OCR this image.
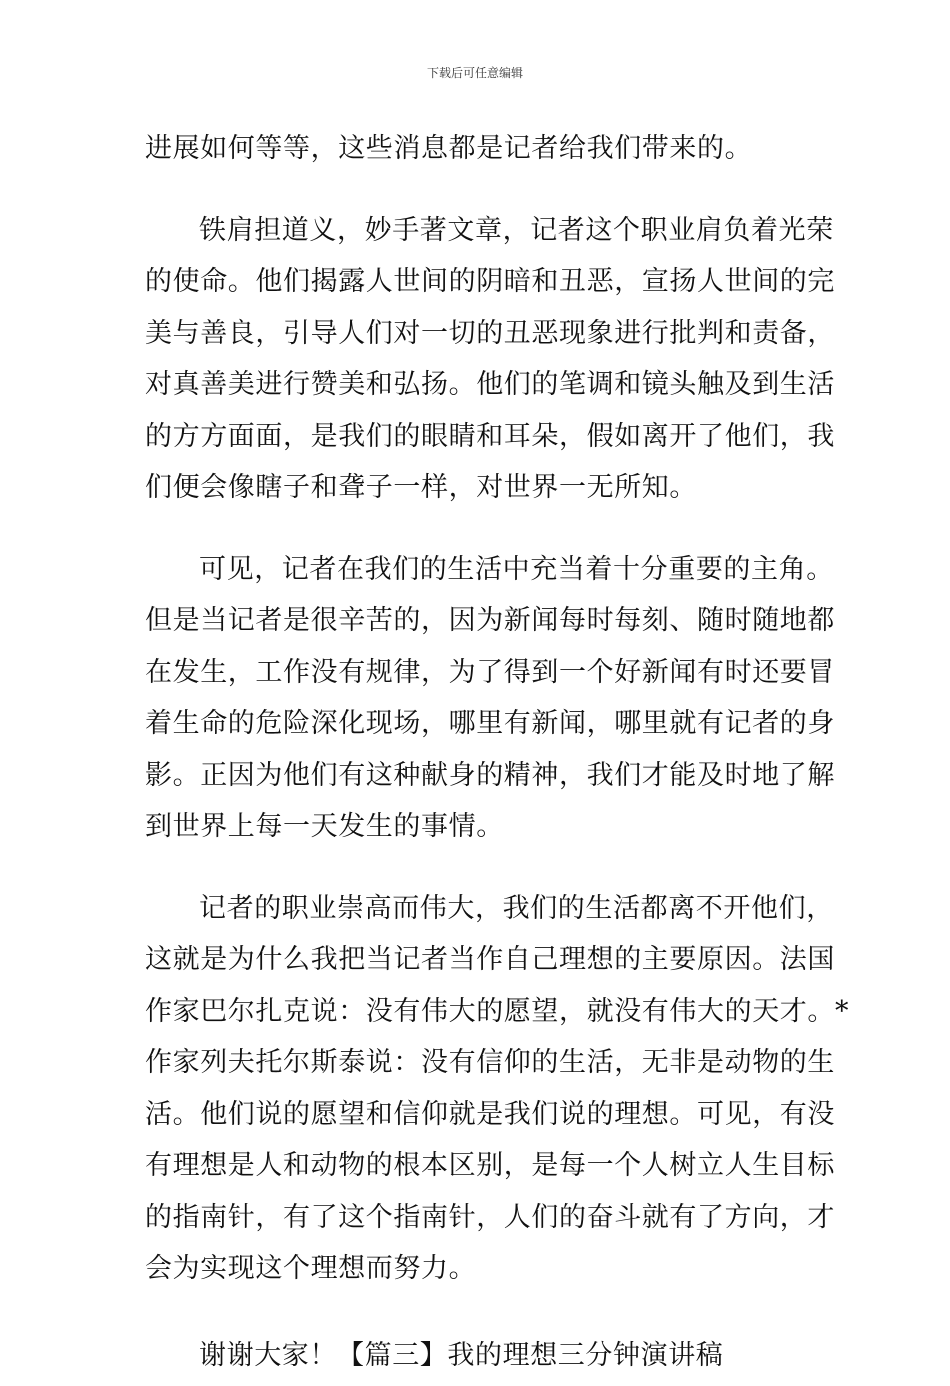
下载后可任意编辑
进展如何等等，这些消息都是记者给我们带来的。
铁肩担道义，妙手著文章，记者这个职业肩负着光荣
的使命。他们揭露人世间的阴暗和丑恶，宣扬人世间的完
美与善良，引导人们对一切的丑恶现象进行批判和责备，
对真善美进行赞美和弘扬。他们的笔调和镜头触及到生活
的方方面面，是我们的眼睛和耳朵，假如离开了他们，我
们便会像瞎子和聋子一样，对世界一无所知。
可见，记者在我们的生活中充当着十分重要的主角。
但是当记者是很辛苦的，因为新闻每时每刻、随时随地都
在发生，工作没有规律，为了得到一个好新闻有时还要冒
着生命的危险深化现场，哪里有新闻，哪里就有记者的身
影。正因为他们有这种献身的精神，我们才能及时地了解
到世界上每一天发生的事情。
记者的职业崇高而伟大，我们的生活都离不开他们，
这就是为什么我把当记者当作自己理想的主要原因。法国
作家巴尔扎克说：没有伟大的愿望，就没有伟大的天才。*
作家列夫托尔斯泰说：没有信仰的生活，无非是动物的生
活。他们说的愿望和信仰就是我们说的理想。可见，有没
有理想是人和动物的根本区别，是每一个人树立人生目标
的指南针，有了这个指南针，人们的奋斗就有了方向，才
会为实现这个理想而努力。
谢谢大家！【篇三】我的理想三分钟演讲稿
